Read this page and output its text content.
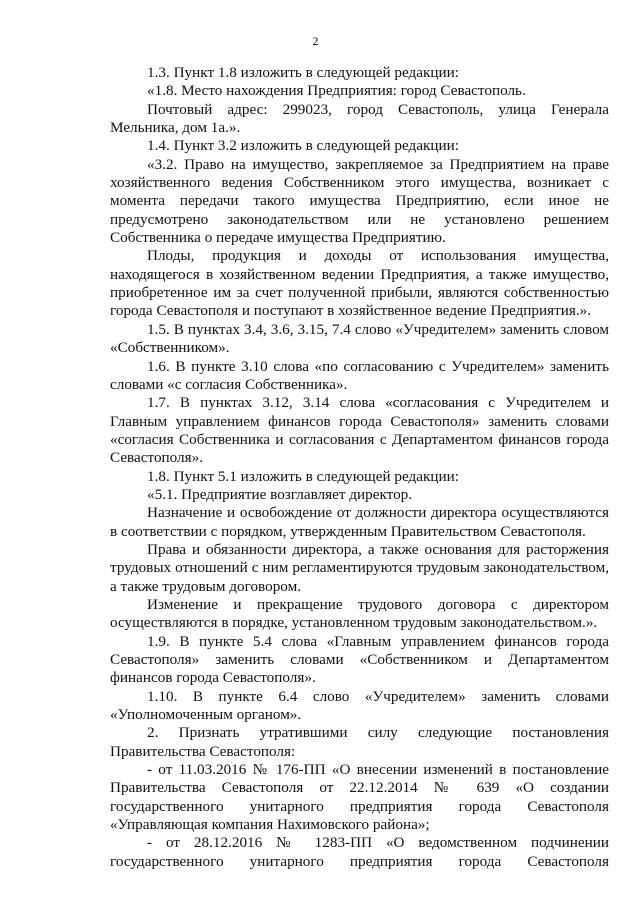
2

1.3. Пункт 1.8 изложить в следующей редакции:

«1.8. Место нахождения Предприятия: город Севастополь.

Почтовый адрес: 299023, город Севастополь, улица Генерала Мельника, дом 1а.».

1.4. Пункт 3.2 изложить в следующей редакции:

«3.2. Право на имущество, закрепляемое за Предприятием на праве хозяйственного ведения Собственником этого имущества, возникает с момента передачи такого имущества Предприятию, если иное не предусмотрено законодательством или не установлено решением Собственника о передаче имущества Предприятию.

Плоды, продукция и доходы от использования имущества, находящегося в хозяйственном ведении Предприятия, а также имущество, приобретенное им за счет полученной прибыли, являются собственностью города Севастополя и поступают в хозяйственное ведение Предприятия.».

1.5. В пунктах 3.4, 3.6, 3.15, 7.4 слово «Учредителем» заменить словом «Собственником».

1.6. В пункте 3.10 слова «по согласованию с Учредителем» заменить словами «с согласия Собственника».

1.7. В пунктах 3.12, 3.14 слова «согласования с Учредителем и Главным управлением финансов города Севастополя» заменить словами «согласия Собственника и согласования с Департаментом финансов города Севастополя».

1.8. Пункт 5.1 изложить в следующей редакции:

«5.1. Предприятие возглавляет директор.

Назначение и освобождение от должности директора осуществляются в соответствии с порядком, утвержденным Правительством Севастополя.

Права и обязанности директора, а также основания для расторжения трудовых отношений с ним регламентируются трудовым законодательством, а также трудовым договором.

Изменение и прекращение трудового договора с директором осуществляются в порядке, установленном трудовым законодательством.».

1.9. В пункте 5.4 слова «Главным управлением финансов города Севастополя» заменить словами «Собственником и Департаментом финансов города Севастополя».

1.10. В пункте 6.4 слово «Учредителем» заменить словами «Уполномоченным органом».

2. Признать утратившими силу следующие постановления Правительства Севастополя:

- от 11.03.2016 № 176-ПП «О внесении изменений в постановление Правительства Севастополя от 22.12.2014 № 639 «О создании государственного унитарного предприятия города Севастополя «Управляющая компания Нахимовского района»;

- от 28.12.2016 № 1283-ПП «О ведомственном подчинении государственного унитарного предприятия города Севастополя
